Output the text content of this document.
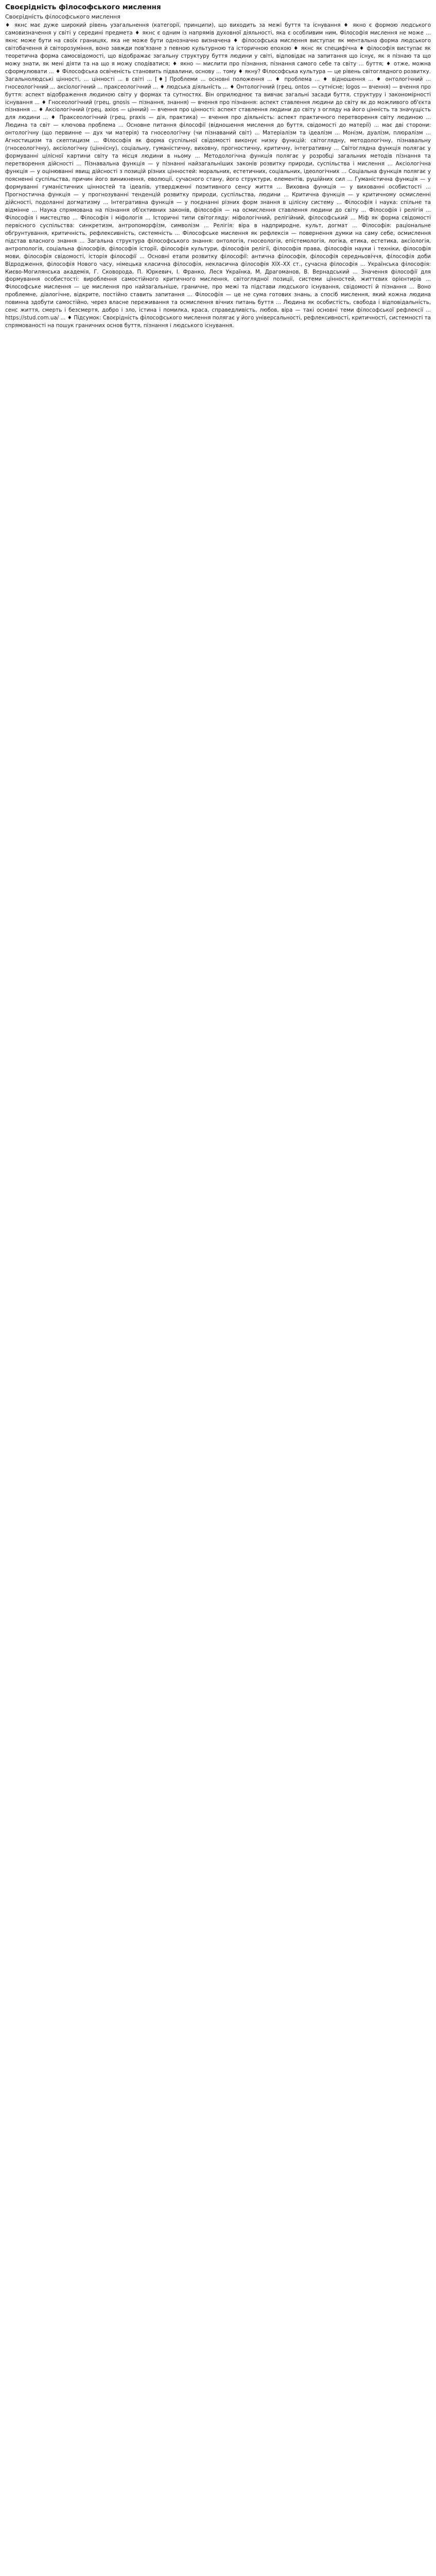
Своєрідність філософського мислення
Своєрідність філософського мислення
♦ якнс має дуже широкий рівень узагальнення (категорії, принципи), що виходить за межі буття та існування ♦ якно є формою людського самовизначення у світі у середині предмета ♦ якнс є одним із напрямів духовної діяльності, яка є особливим ним, Філософія мислення не може ... якнс може бути на своїх границях, яка не може бути однозначно визначена ♦ філософська мислення виступає як ментальна форма людського світобачення й світорозуміння, воно завжди пов'язане з певною культурною та історичною епохою ♦ якнс як специфічна ♦ філософія виступає як теоретична форма самосвідомості, що відображає загальну структуру буття людини у світі, відповідає на запитання що існує, як я пізнаю та що можу знати, як мені діяти та на що я можу сподіватися; ♦ якно — мислити про пізнання, пізнання самого себе та світу ... буття; ♦ отже, можна сформулювати ... ♦ Філософська освіченість становить підвалини, основу ... тому ♦ якну? Філософська культура — це рівень світоглядного розвитку. Загальнолюдські цінності, ... цінності ... в світі ... [♦] Проблеми ... основні положення ... ♦ проблема ... ♦ відношення ... ♦ онтологічний ... гносеологічний ... аксіологічний ... праксеологічний ... ♦ людська діяльність ... ♦ Онтологічний (грец. ontos — сутнісне; logos — вчення) — вчення про буття: аспект відображення людиною світу у формах та сутностях. Він оприлюднює та вивчає загальні засади буття, структуру і закономірності існування ... ♦ Гносеологічний (грец. gnosis — пізнання, знання) — вчення про пізнання: аспект ставлення людини до світу як до можливого об'єкта пізнання ... ♦ Аксіологічний (грец. axios — цінний) — вчення про цінності: аспект ставлення людини до світу з огляду на його цінність та значущість для людини ... ♦ Праксеологічний (грец. praxis — дія, практика) — вчення про діяльність: аспект практичного перетворення світу людиною ... Людина та світ — ключова проблема ... Основне питання філософії (відношення мислення до буття, свідомості до матерії) ... має дві сторони: онтологічну (що первинне — дух чи матерія) та гносеологічну (чи пізнаваний світ) ... Матеріалізм та ідеалізм ... Монізм, дуалізм, плюралізм ... Агностицизм та скептицизм ... Філософія як форма суспільної свідомості виконує низку функцій: світоглядну, методологічну, пізнавальну (гносеологічну), аксіологічну (ціннісну), соціальну, гуманістичну, виховну, прогностичну, критичну, інтегративну ... Світоглядна функція полягає у формуванні цілісної картини світу та місця людини в ньому ... Методологічна функція полягає у розробці загальних методів пізнання та перетворення дійсності ... Пізнавальна функція — у пізнанні найзагальніших законів розвитку природи, суспільства і мислення ... Аксіологічна функція — у оцінюванні явищ дійсності з позицій різних цінностей: моральних, естетичних, соціальних, ідеологічних ... Соціальна функція полягає у поясненні суспільства, причин його виникнення, еволюції, сучасного стану, його структури, елементів, рушійних сил ... Гуманістична функція — у формуванні гуманістичних цінностей та ідеалів, утвердженні позитивного сенсу життя ... Виховна функція — у вихованні особистості ... Прогностична функція — у прогнозуванні тенденцій розвитку природи, суспільства, людини ... Критична функція — у критичному осмисленні дійсності, подоланні догматизму ... Інтегративна функція — у поєднанні різних форм знання в цілісну систему ... Філософія і наука: спільне та відмінне ... Наука спрямована на пізнання об'єктивних законів, філософія — на осмислення ставлення людини до світу ... Філософія і релігія ... Філософія і мистецтво ... Філософія і міфологія ... Історичні типи світогляду: міфологічний, релігійний, філософський ... Міф як форма свідомості первісного суспільства: синкретизм, антропоморфізм, символізм ... Релігія: віра в надприродне, культ, догмат ... Філософія: раціональне обґрунтування, критичність, рефлексивність, системність ... Філософське мислення як рефлексія — повернення думки на саму себе, осмислення підстав власного знання ... Загальна структура філософського знання: онтологія, гносеологія, епістемологія, логіка, етика, естетика, аксіологія, антропологія, соціальна філософія, філософія історії, філософія культури, філософія релігії, філософія права, філософія науки і техніки, філософія мови, філософія свідомості, історія філософії ... Основні етапи розвитку філософії: антична філософія, філософія середньовіччя, філософія доби Відродження, філософія Нового часу, німецька класична філософія, некласична філософія XIX–XX ст., сучасна філософія ... Українська філософія: Києво-Могилянська академія, Г. Сковорода, П. Юркевич, І. Франко, Леся Українка, М. Драгоманов, В. Вернадський ... Значення філософії для формування особистості: вироблення самостійного критичного мислення, світоглядної позиції, системи цінностей, життєвих орієнтирів ... Філософське мислення — це мислення про найзагальніше, граничне, про межі та підстави людського існування, свідомості й пізнання ... Воно проблемне, діалогічне, відкрите, постійно ставить запитання ... Філософія — це не сума готових знань, а спосіб мислення, який кожна людина повинна здобути самостійно, через власне переживання та осмислення вічних питань буття ... Людина як особистість, свобода і відповідальність, сенс життя, смерть і безсмертя, добро і зло, істина і помилка, краса, справедливість, любов, віра — такі основні теми філософської рефлексії ... https://stud.com.ua/ ... ♦ Підсумок: Своєрідність філософського мислення полягає у його універсальності, рефлексивності, критичності, системності та спрямованості на пошук граничних основ буття, пізнання і людського існування.
